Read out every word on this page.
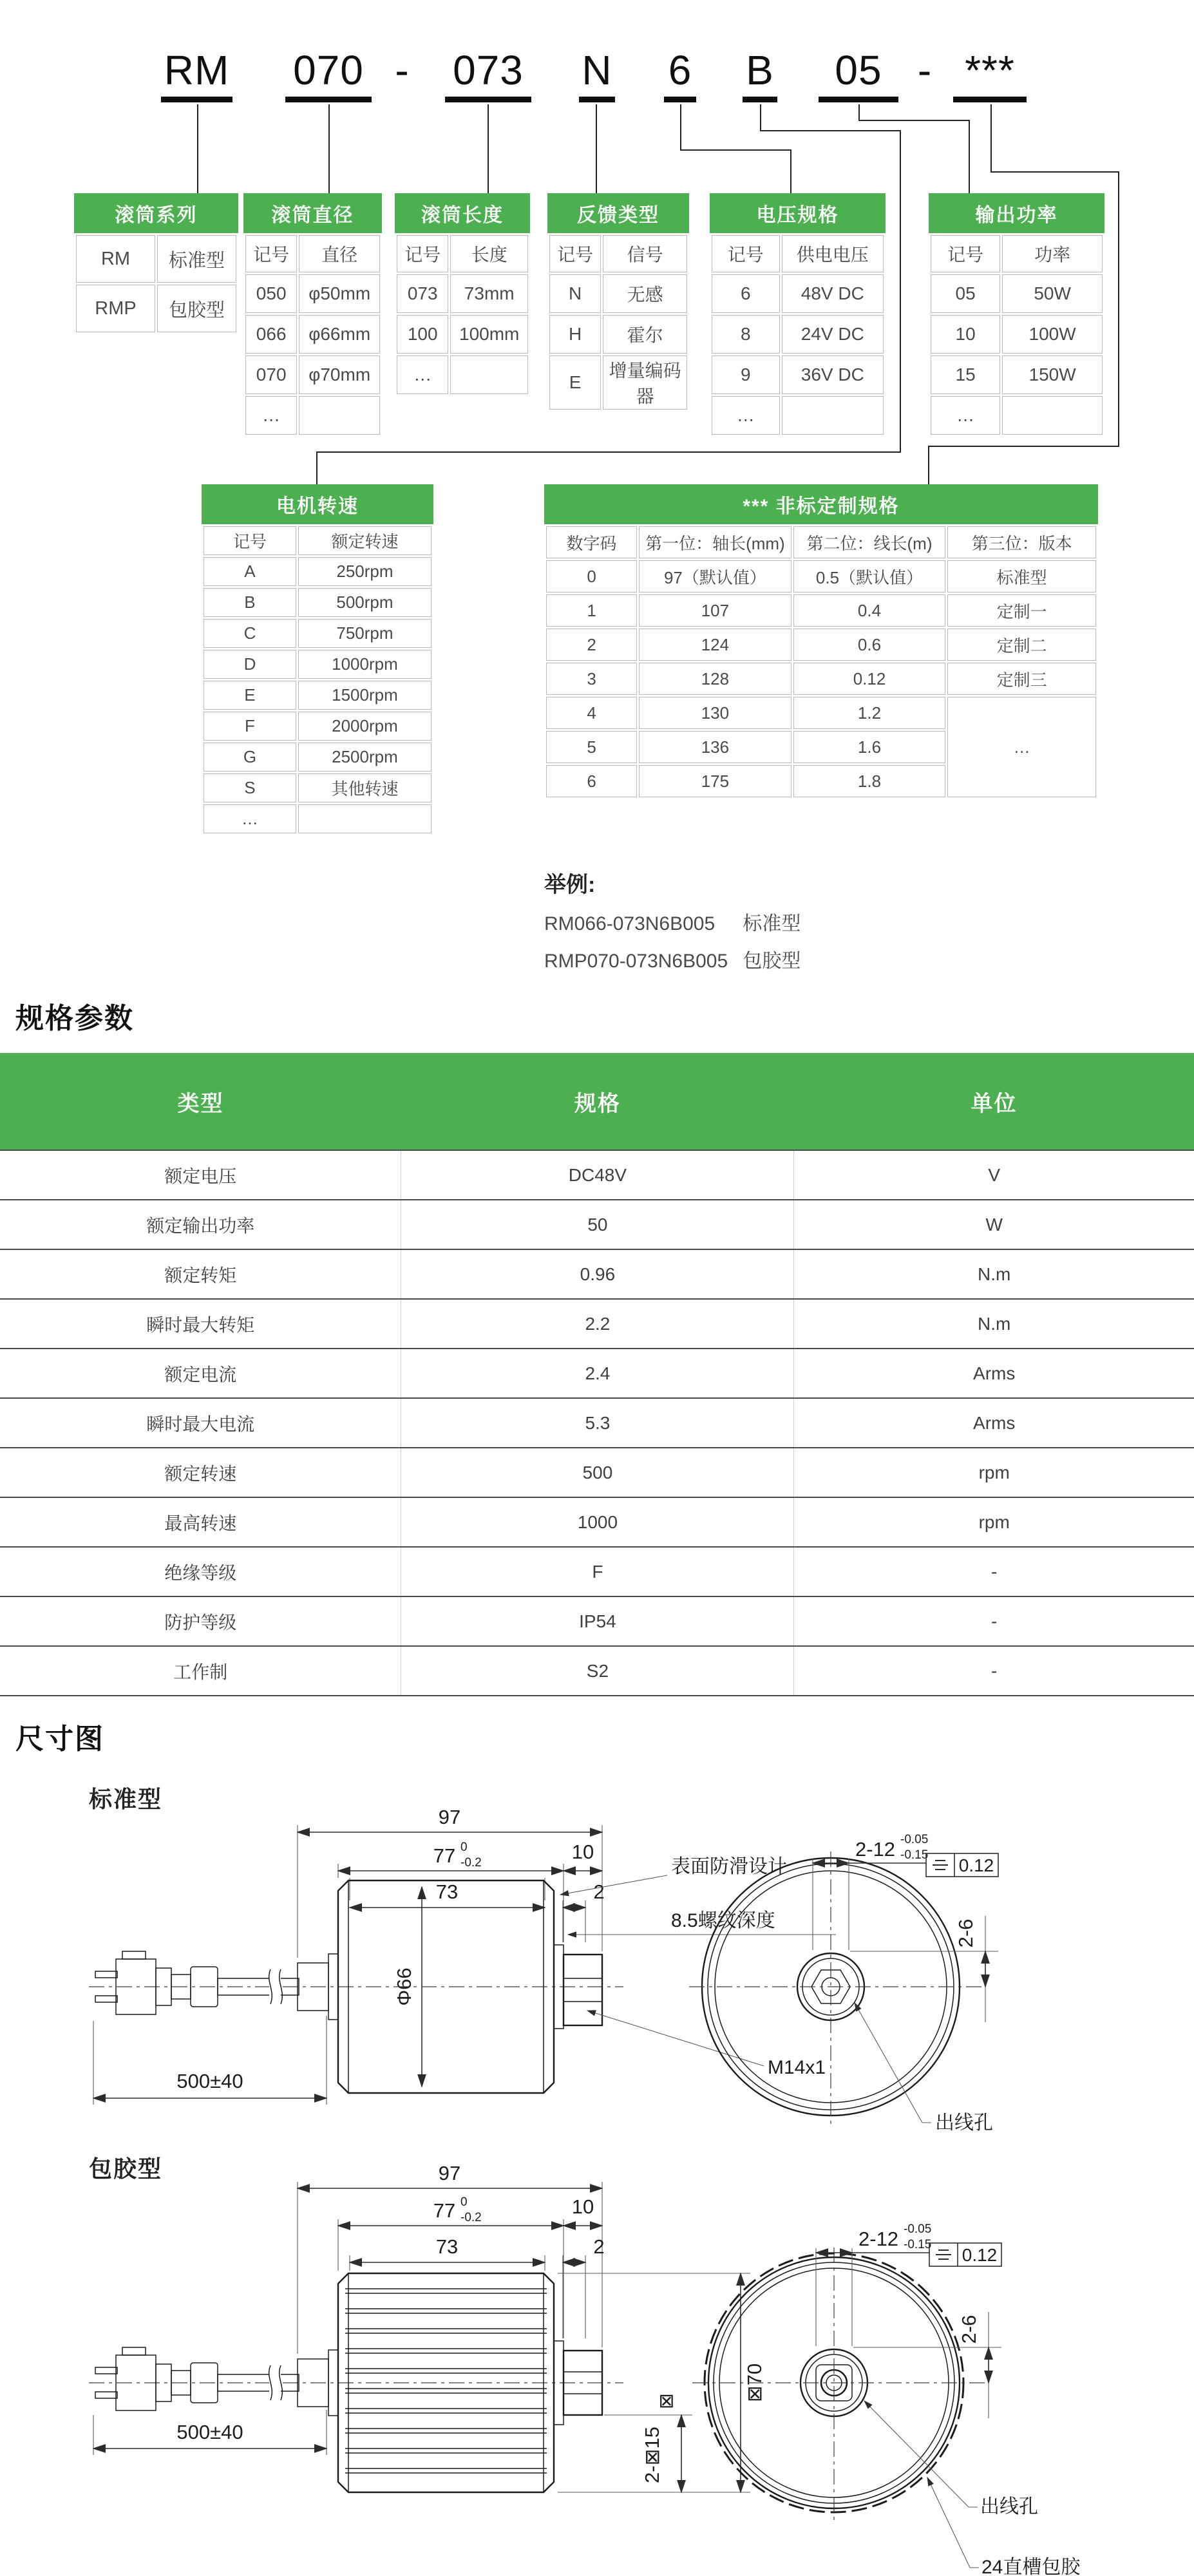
RM 070 - 073 N 6 B	05 - ***
滚筒系列
RM	标准型
RMP	包胶型
滚筒直径
记号	直径
050	φ50mm
066	φ66mm
070	φ70mm
…	
滚筒长度
记号	长度
073	73mm
100	100mm
…	
反馈类型
记号	信号
N	无感
H	霍尔
E	增量编码器
电压规格
记号	供电电压
6	48V DC
8	24V DC
9	36V DC
…	
输出功率
记号	功率
05	50W
10	100W
15	150W
…	
电机转速
记号	额定转速
A	250rpm
B	500rpm
C	750rpm
D	1000rpm
E	1500rpm
F	2000rpm
G	2500rpm
S	其他转速
…	
*** 非标定制规格
数字码	第一位：轴长(mm)	第二位：线长(m)	第三位：版本
0	97（默认值）	0.5（默认值）	标准型
1	107	0.4	定制一
2	124	0.6	定制二
3	128	0.12	定制三
4	130	1.2	…
5	136	1.6	
6	175	1.8	
举例:
RM066-073N6B005 标准型
RMP070-073N6B005 包胶型
规格参数
类型	规格	单位
额定电压	DC48V	V
额定输出功率	50	W
额定转矩	0.96	N.m
瞬时最大转矩	2.2	N.m
额定电流	2.4	Arms
瞬时最大电流	5.3	Arms
额定转速	500	rpm
最高转速	1000	rpm
绝缘等级	F	-
防护等级	IP54	-
工作制	S2	-
尺寸图
标准型
包胶型
97
77 0
-0.2	10
73	2
500±40
Φ66
表面防滑设计
8.5螺纹深度
M14x1
2-12 -0.05
-0.15
0.12
2-6
出线孔
97
77 0
-0.2	10
73	2
500±40
⊠70
⊠
2-⊠15
2-12 -0.05
-0.15
0.12
2-6
出线孔
24直槽包胶
